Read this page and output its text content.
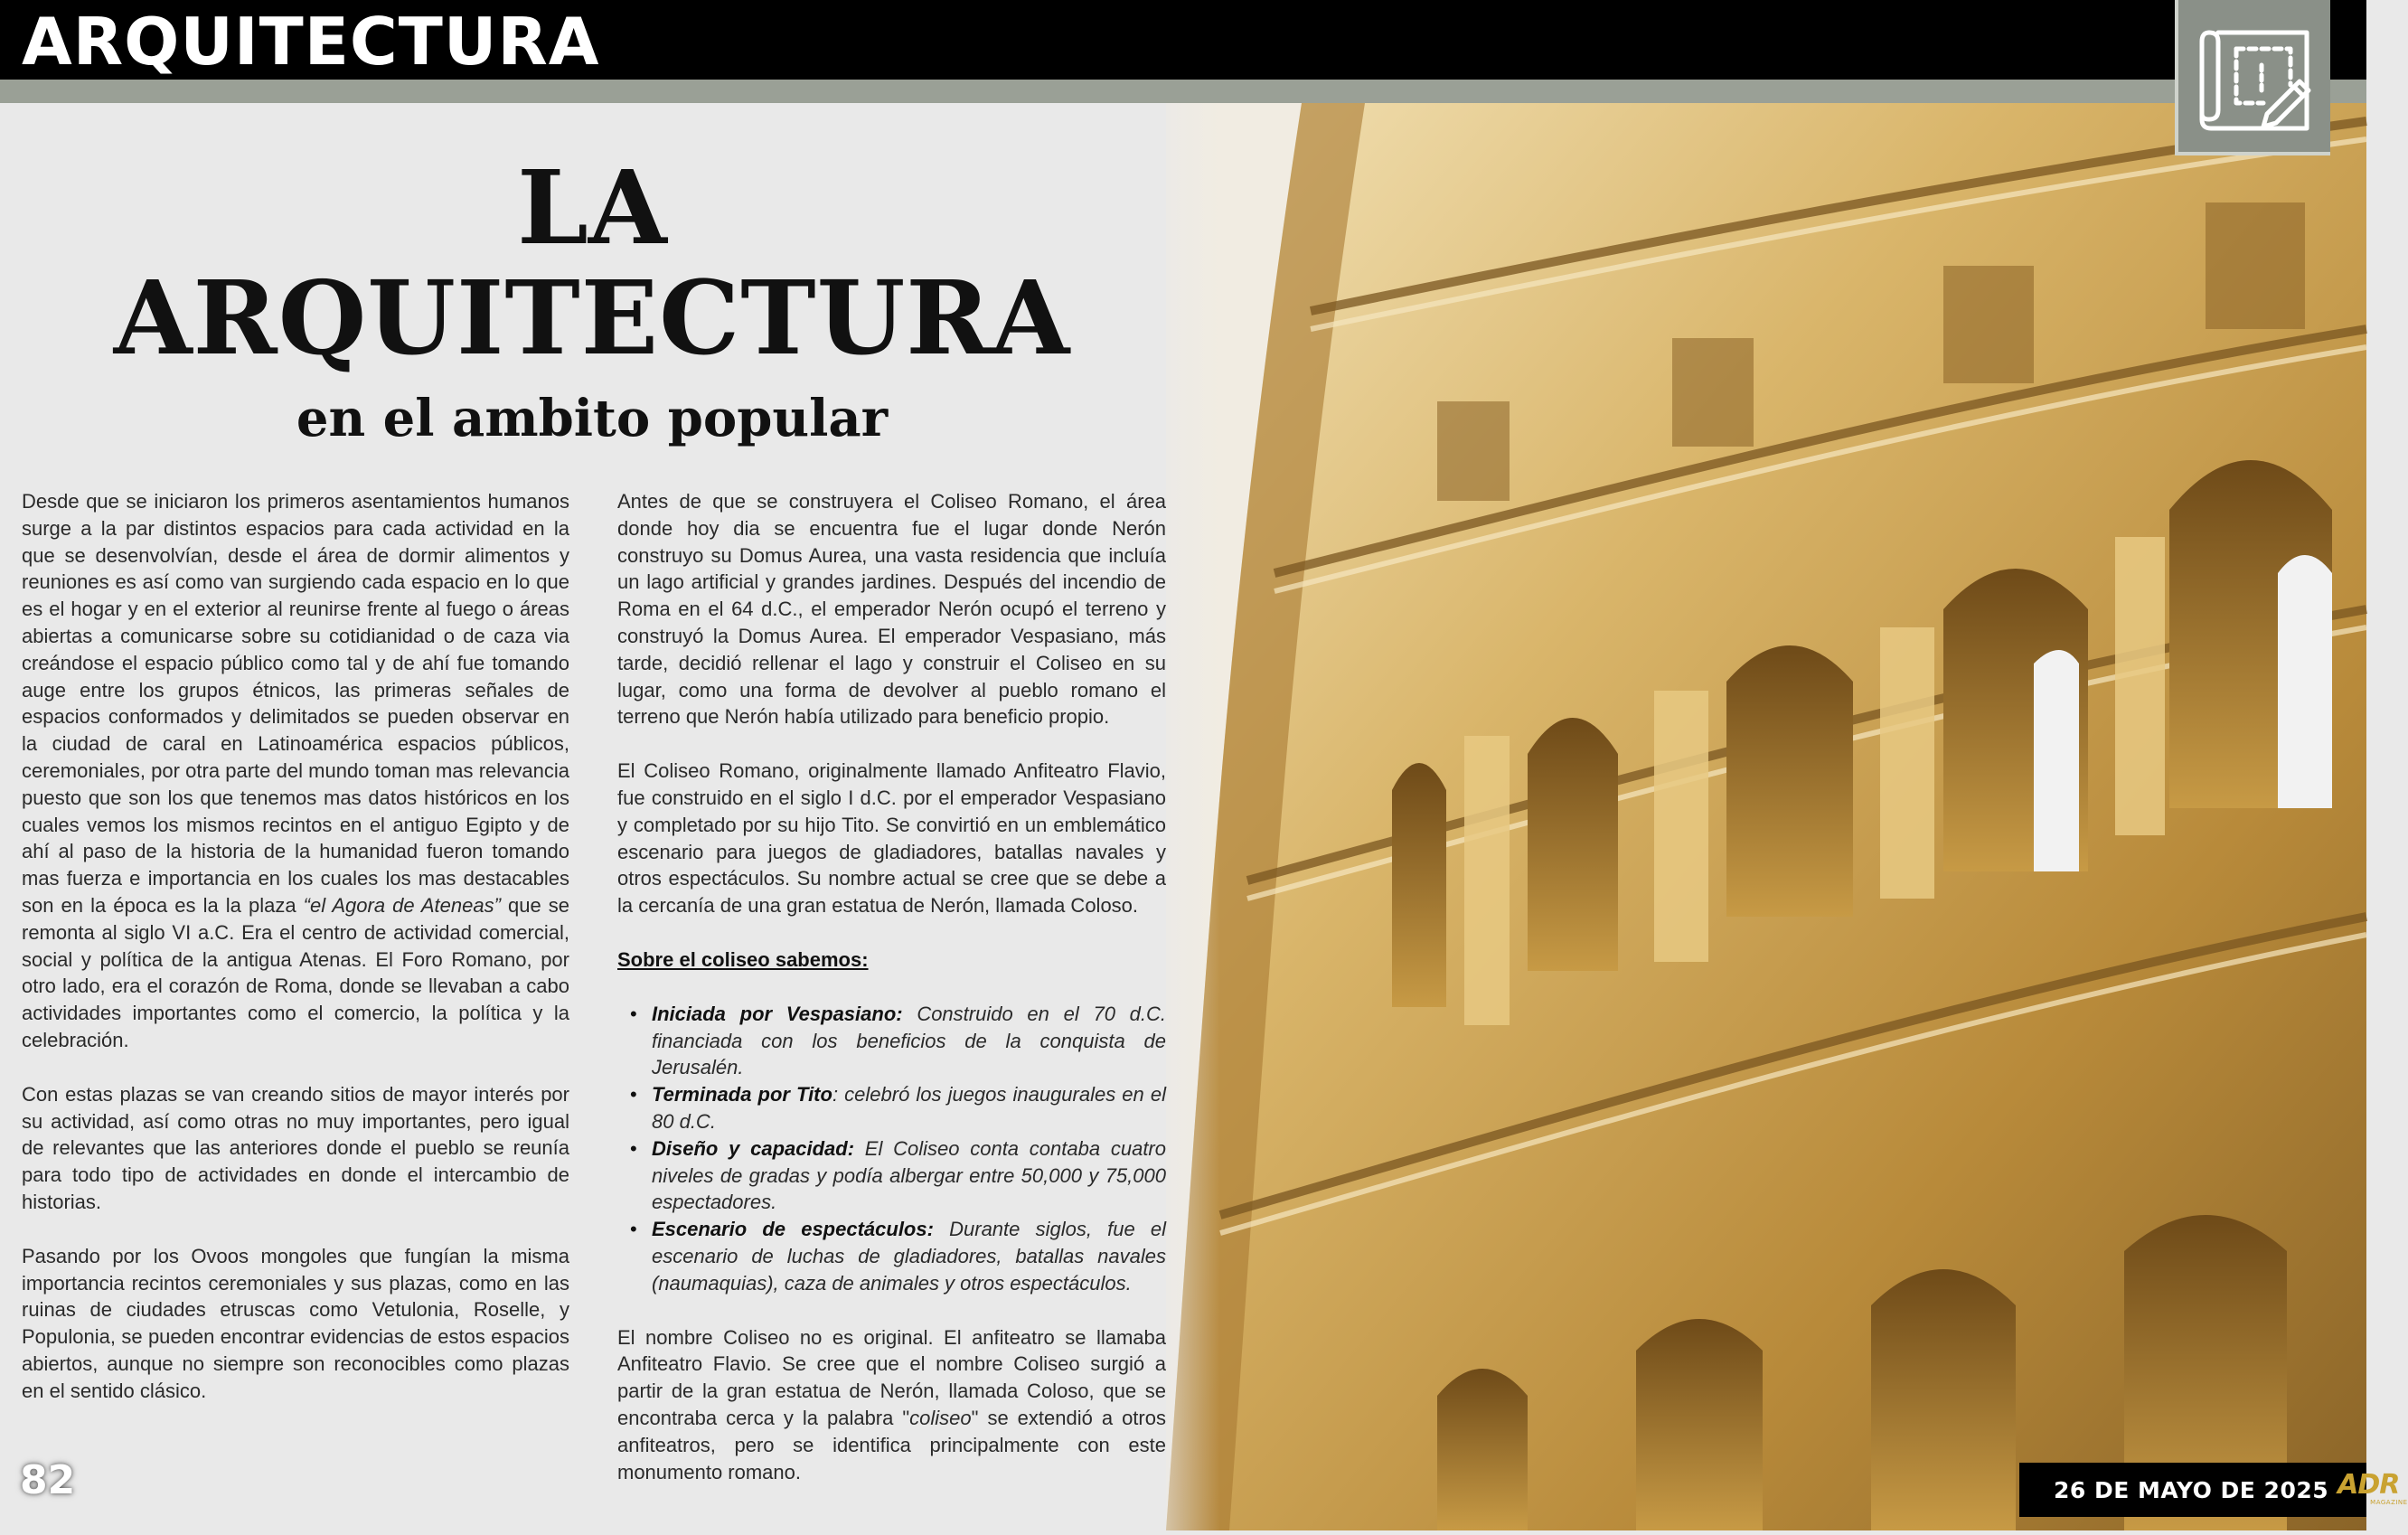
ARQUITECTURA
LA
ARQUITECTURA
en el ambito popular

Desde que se iniciaron los primeros asentamientos humanos surge a la par distintos espacios para cada actividad en la que se desenvolvían, desde el área de dormir alimentos y reuniones es así como van surgiendo cada espacio en lo que es el hogar y en el exterior al reunirse frente al fuego o áreas abiertas a comunicarse sobre su cotidianidad o de caza via creándose el espacio público como tal y de ahí fue tomando auge entre los grupos étnicos, las primeras señales de espacios conformados y delimitados se pueden observar en la ciudad de caral en Latinoamérica espacios públicos, ceremoniales, por otra parte del mundo toman mas relevancia puesto que son los que tenemos mas datos históricos en los cuales vemos los mismos recintos en el antiguo Egipto y de ahí al paso de la historia de la humanidad fueron tomando mas fuerza e importancia en los cuales los mas destacables son en la época es la la plaza “el Agora de Ateneas” que se remonta al siglo VI a.C. Era el centro de actividad comercial, social y política de la antigua Atenas. El Foro Romano, por otro lado, era el corazón de Roma, donde se llevaban a cabo actividades importantes como el comercio, la política y la celebración.

Con estas plazas se van creando sitios de mayor interés por su actividad, así como otras no muy importantes, pero igual de relevantes que las anteriores donde el pueblo se reunía para todo tipo de actividades en donde el intercambio de historias.

Pasando por los Ovoos mongoles que fungían la misma importancia recintos ceremoniales y sus plazas, como en las ruinas de ciudades etruscas como Vetulonia, Roselle, y Populonia, se pueden encontrar evidencias de estos espacios abiertos, aunque no siempre son reconocibles como plazas en el sentido clásico.

Antes de que se construyera el Coliseo Romano, el área donde hoy dia se encuentra fue el lugar donde Nerón construyo su Domus Aurea, una vasta residencia que incluía un lago artificial y grandes jardines. Después del incendio de Roma en el 64 d.C., el emperador Nerón ocupó el terreno y construyó la Domus Aurea. El emperador Vespasiano, más tarde, decidió rellenar el lago y construir el Coliseo en su lugar, como una forma de devolver al pueblo romano el terreno que Nerón había utilizado para beneficio propio.

El Coliseo Romano, originalmente llamado Anfiteatro Flavio, fue construido en el siglo I d.C. por el emperador Vespasiano y completado por su hijo Tito. Se convirtió en un emblemático escenario para juegos de gladiadores, batallas navales y otros espectáculos. Su nombre actual se cree que se debe a la cercanía de una gran estatua de Nerón, llamada Coloso.

Sobre el coliseo sabemos:
• Iniciada por Vespasiano: Construido en el 70 d.C. financiada con los beneficios de la conquista de Jerusalén.
• Terminada por Tito: celebró los juegos inaugurales en el 80 d.C.
• Diseño y capacidad: El Coliseo conta contaba cuatro niveles de gradas y podía albergar entre 50,000 y 75,000 espectadores.
• Escenario de espectáculos: Durante siglos, fue el escenario de luchas de gladiadores, batallas navales (naumaquias), caza de animales y otros espectáculos.

El nombre Coliseo no es original. El anfiteatro se llamaba Anfiteatro Flavio. Se cree que el nombre Coliseo surgió a partir de la gran estatua de Nerón, llamada Coloso, que se encontraba cerca y la palabra "coliseo" se extendió a otros anfiteatros, pero se identifica principalmente con este monumento romano.

82	26 DE MAYO DE 2025 ADR
MAGAZINE
